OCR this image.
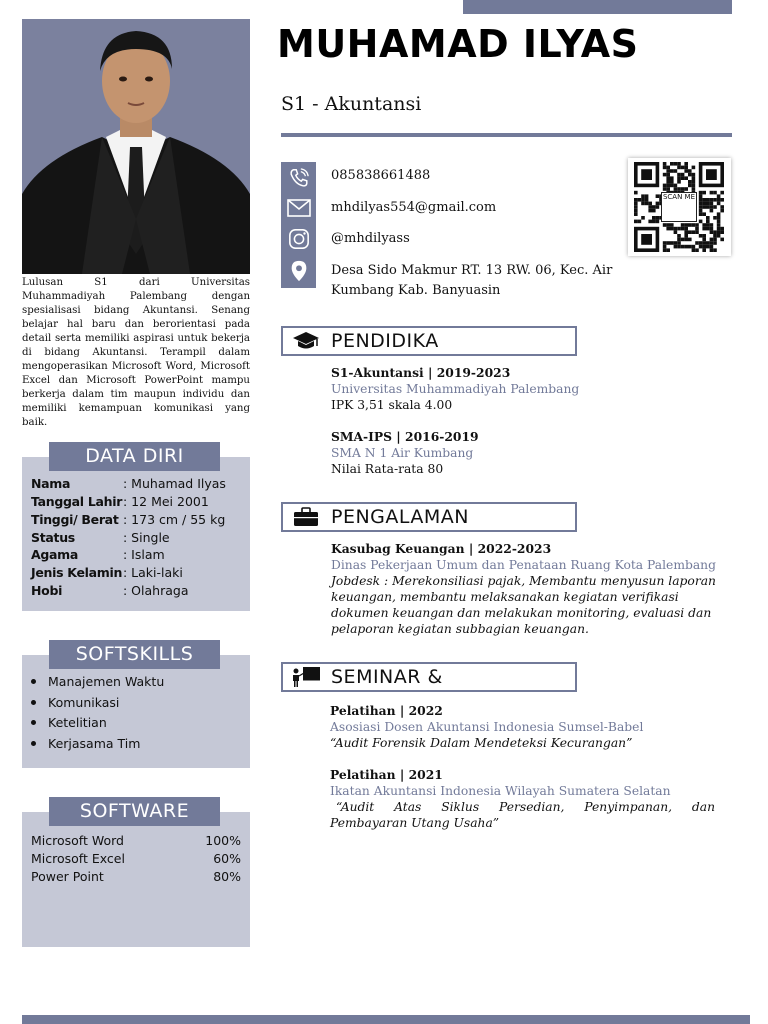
MUHAMAD ILYAS
S1 - Akuntansi
085838661488
mhdilyas554@gmail.com
@mhdilyass
Desa Sido Makmur RT. 13 RW. 06, Kec. Air Kumbang Kab. Banyuasin
SCAN ME
Lulusan S1 dari Universitas Muhammadiyah Palembang dengan spesialisasi bidang Akuntansi. Senang belajar hal baru dan berorientasi pada detail serta memiliki aspirasi untuk bekerja di bidang Akuntansi. Terampil dalam mengoperasikan Microsoft Word, Microsoft Excel dan Microsoft PowerPoint mampu berkerja dalam tim maupun individu dan memiliki kemampuan komunikasi yang baik.
Nama	: Muhamad Ilyas
Tanggal Lahir: 12 Mei 2001
Tinggi/ Berat : 173 cm / 55 kg
Status	: Single
Agama	: Islam
Jenis Kelamin: Laki-laki
Hobi	: Olahraga
DATA DIRI
Manajemen Waktu
Komunikasi
Ketelitian
Kerjasama Tim
SOFTSKILLS
Microsoft Word	100%
Microsoft Excel	60%
Power Point	80%
SOFTWARE
PENDIDIKA
S1-Akuntansi | 2019-2023
Universitas Muhammadiyah Palembang
IPK 3,51 skala 4.00
SMA-IPS | 2016-2019
SMA N 1 Air Kumbang
Nilai Rata-rata 80
PENGALAMAN
Kasubag Keuangan | 2022-2023
Dinas Pekerjaan Umum dan Penataan Ruang Kota Palembang
Jobdesk : Merekonsiliasi pajak, Membantu menyusun laporan keuangan, membantu melaksanakan kegiatan verifikasi dokumen keuangan dan melakukan monitoring, evaluasi dan pelaporan kegiatan subbagian keuangan.
SEMINAR &
Pelatihan | 2022
Asosiasi Dosen Akuntansi Indonesia Sumsel-Babel
“Audit Forensik Dalam Mendeteksi Kecurangan”
Pelatihan | 2021
Ikatan Akuntansi Indonesia Wilayah Sumatera Selatan
“Audit Atas Siklus Persedian, Penyimpanan, dan Pembayaran Utang Usaha”
